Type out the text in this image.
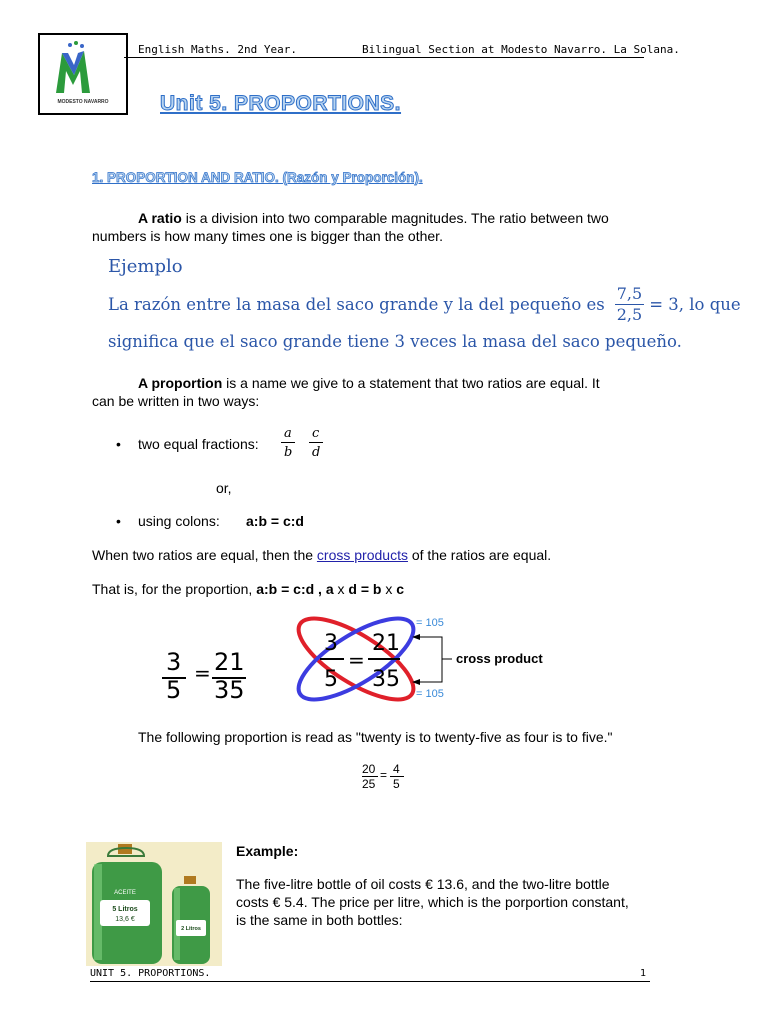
MODESTO NAVARRO
English Maths. 2nd Year.	Bilingual Section at Modesto Navarro. La Solana.
Unit 5. PROPORTIONS.
1. PROPORTION AND RATIO. (Razón y Proporción).
A ratio is a division into two comparable magnitudes. The ratio between two
numbers is how many times one is bigger than the other.
Ejemplo
La razón entre la masa del saco grande y la del pequeño es $\frac{7,5}{2,5} = 3$, lo que
significa que el saco grande tiene 3 veces la masa del saco pequeño.
A proportion is a name we give to a statement that two ratios are equal. It
can be written in two ways:
• two equal fractions:
a
b
c
d
or,
• using colons: a:b = c:d
When two ratios are equal, then the cross products of the ratios are equal.
That is, for the proportion, a:b = c:d , a x d = b x c
3
5
= 21
35
3 21
=
5 35
= 105
= 105
cross product
The following proportion is read as "twenty is to twenty-five as four is to five."
20
25
= 4
5
ACEITE
5 Litros
13,6 €
2 Litros
Example:
The five-litre bottle of oil costs € 13.6, and the two-litre bottle
costs € 5.4. The price per litre, which is the porportion constant,
is the same in both bottles:
UNIT 5. PROPORTIONS.	1
